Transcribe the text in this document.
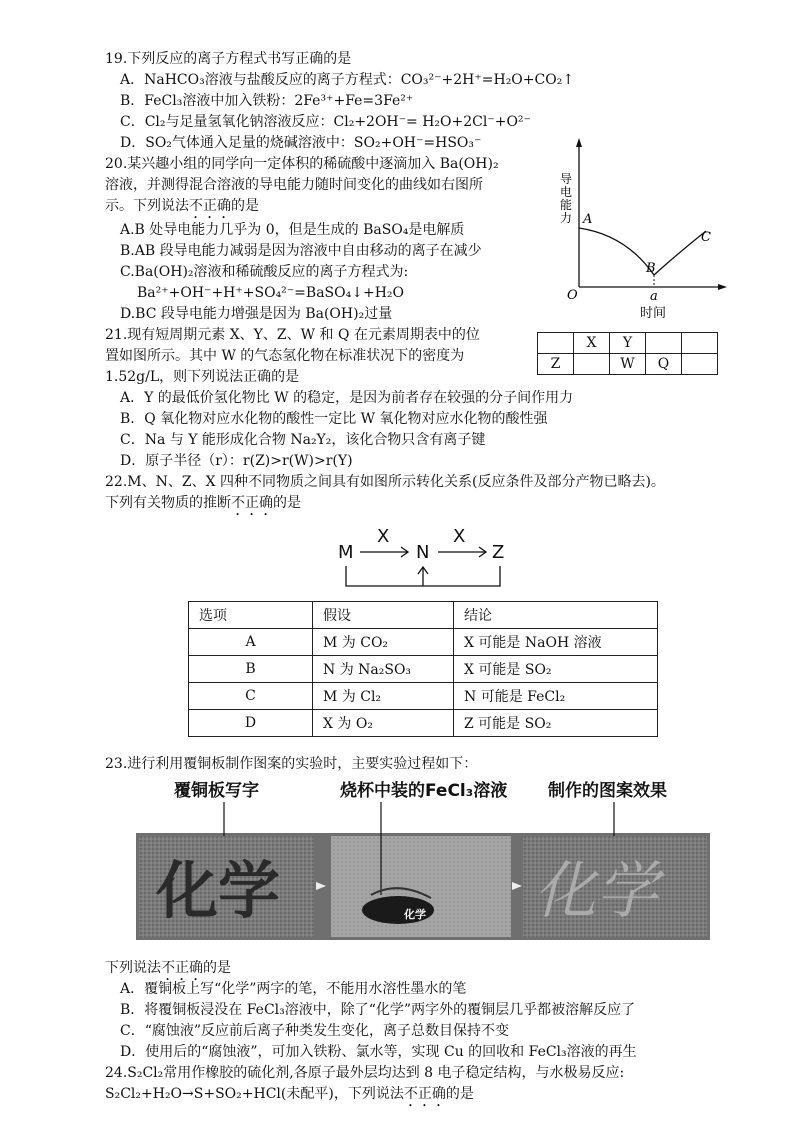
19.下列反应的离子方程式书写正确的是
A．NaHCO₃溶液与盐酸反应的离子方程式：CO₃²⁻+2H⁺=H₂O+CO₂↑
B．FeCl₃溶液中加入铁粉：2Fe³⁺+Fe=3Fe²⁺
C．Cl₂与足量氢氧化钠溶液反应：Cl₂+2OH⁻= H₂O+2Cl⁻+O²⁻
D．SO₂气体通入足量的烧碱溶液中：SO₂+OH⁻=HSO₃⁻
20.某兴趣小组的同学向一定体积的稀硫酸中逐滴加入 Ba(OH)₂
溶液，并测得混合溶液的导电能力随时间变化的曲线如右图所
示。下列说法不正确的是
A.B 处导电能力几乎为 0，但是生成的 BaSO₄是电解质
B.AB 段导电能力减弱是因为溶液中自由移动的离子在减少
C.Ba(OH)₂溶液和稀硫酸反应的离子方程式为:
Ba²⁺+OH⁻+H⁺+SO₄²⁻=BaSO₄↓+H₂O
D.BC 段导电能力增强是因为 Ba(OH)₂过量
导电能力
O
A
B
C
a
时间
21.现有短周期元素 X、Y、Z、W 和 Q 在元素周期表中的位
置如图所示。其中 W 的气态氢化物在标准状况下的密度为
1.52g/L，则下列说法正确的是
	X	Y		
Z		W	Q	
A．Y 的最低价氢化物比 W 的稳定，是因为前者存在较强的分子间作用力
B．Q 氧化物对应水化物的酸性一定比 W 氧化物对应水化物的酸性强
C．Na 与 Y 能形成化合物 Na₂Y₂，该化合物只含有离子键
D．原子半径（r）：r(Z)>r(W)>r(Y)
22.M、N、Z、X 四种不同物质之间具有如图所示转化关系(反应条件及部分产物已略去)。
下列有关物质的推断不正确的是
M	N	Z
X	X
选项	假设	结论
A	M 为 CO₂	X 可能是 NaOH 溶液
B	N 为 Na₂SO₃	X 可能是 SO₂
C	M 为 Cl₂	N 可能是 FeCl₂
D	X 为 O₂	Z 可能是 SO₂
23.进行利用覆铜板制作图案的实验时，主要实验过程如下：
覆铜板写字	烧杯中装的FeCl₃溶液 制作的图案效果
化学	化学 化学
下列说法不正确的是
A．覆铜板上写“化学”两字的笔，不能用水溶性墨水的笔
B．将覆铜板浸没在 FeCl₃溶液中，除了“化学”两字外的覆铜层几乎都被溶解反应了
C．“腐蚀液”反应前后离子种类发生变化，离子总数目保持不变
D．使用后的“腐蚀液”，可加入铁粉、氯水等，实现 Cu 的回收和 FeCl₃溶液的再生
24.S₂Cl₂常用作橡胶的硫化剂,各原子最外层均达到 8 电子稳定结构，与水极易反应:
S₂Cl₂+H₂O→S+SO₂+HCl(未配平)，下列说法不正确的是
